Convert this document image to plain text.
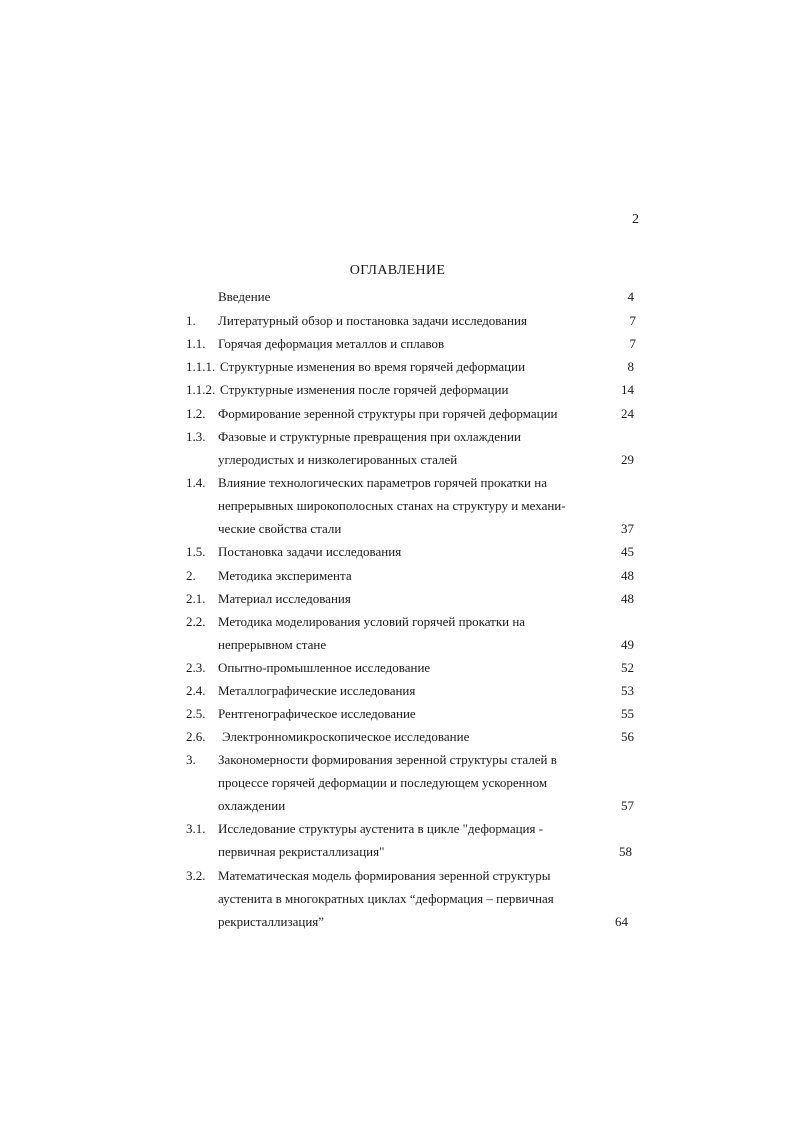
2
ОГЛАВЛЕНИЕ
Введение	4
1. Литературный обзор и постановка задачи исследования	7
1.1. Горячая деформация металлов и сплавов	7
1.1.1. Структурные изменения во время горячей деформации	8
1.1.2. Структурные изменения после горячей деформации	14
1.2. Формирование зеренной структуры при горячей деформации	24
1.3. Фазовые и структурные превращения при охлаждении
углеродистых и низколегированных сталей	29
1.4. Влияние технологических параметров горячей прокатки на
непрерывных широкополосных станах на структуру и механи-
ческие свойства стали	37
1.5. Постановка задачи исследования	45
2. Методика эксперимента	48
2.1. Материал исследования	48
2.2. Методика моделирования условий горячей прокатки на
непрерывном стане	49
2.3. Опытно-промышленное исследование	52
2.4. Металлографические исследования	53
2.5. Рентгенографическое исследование	55
2.6. Электронномикроскопическое исследование	56
3. Закономерности формирования зеренной структуры сталей в
процессе горячей деформации и последующем ускоренном
охлаждении	57
3.1. Исследование структуры аустенита в цикле "деформация -
первичная рекристаллизация"	58
3.2. Математическая модель формирования зеренной структуры
аустенита в многократных циклах “деформация – первичная
рекристаллизация”	64
